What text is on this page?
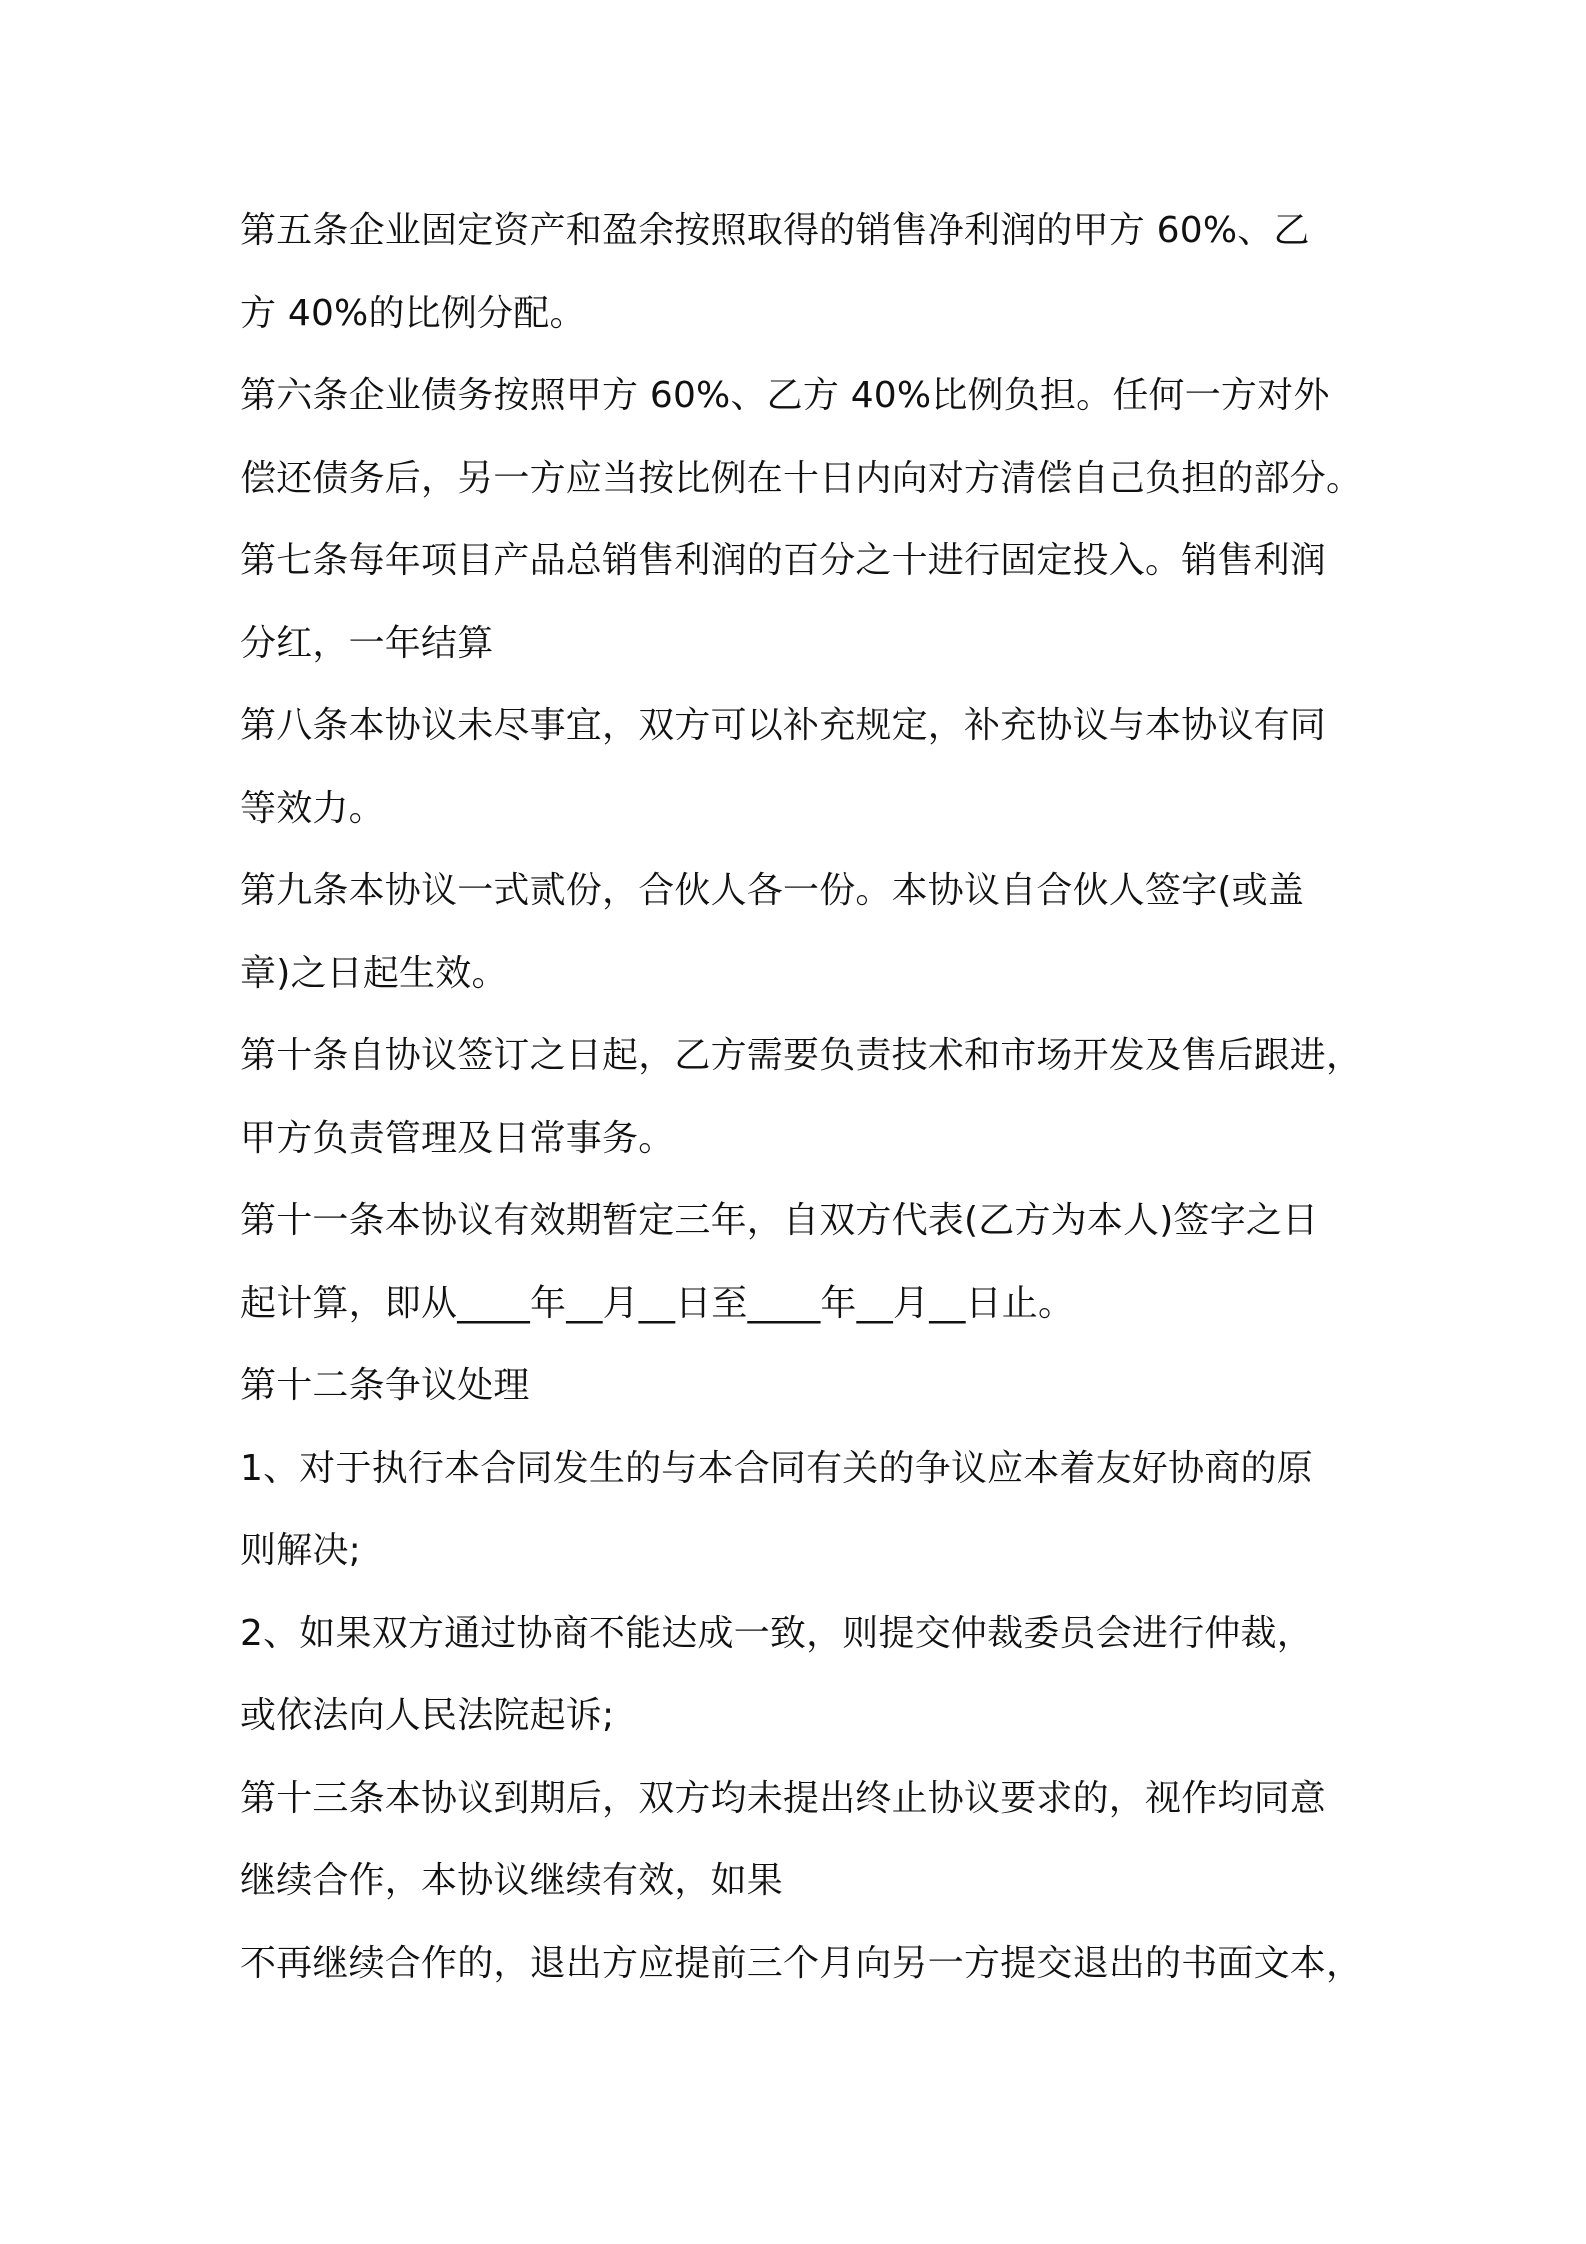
第五条企业固定资产和盈余按照取得的销售净利润的甲方 60%、乙
方 40%的比例分配。
第六条企业债务按照甲方 60%、乙方 40%比例负担。任何一方对外
偿还债务后，另一方应当按比例在十日内向对方清偿自己负担的部分。
第七条每年项目产品总销售利润的百分之十进行固定投入。销售利润
分红，一年结算
第八条本协议未尽事宜，双方可以补充规定，补充协议与本协议有同
等效力。
第九条本协议一式贰份，合伙人各一份。本协议自合伙人签字(或盖
章)之日起生效。
第十条自协议签订之日起，乙方需要负责技术和市场开发及售后跟进，
甲方负责管理及日常事务。
第十一条本协议有效期暂定三年，自双方代表(乙方为本人)签字之日
起计算，即从____年__月__日至____年__月__日止。
第十二条争议处理
1、对于执行本合同发生的与本合同有关的争议应本着友好协商的原
则解决;
2、如果双方通过协商不能达成一致，则提交仲裁委员会进行仲裁，
或依法向人民法院起诉;
第十三条本协议到期后，双方均未提出终止协议要求的，视作均同意
继续合作，本协议继续有效，如果
不再继续合作的，退出方应提前三个月向另一方提交退出的书面文本，
